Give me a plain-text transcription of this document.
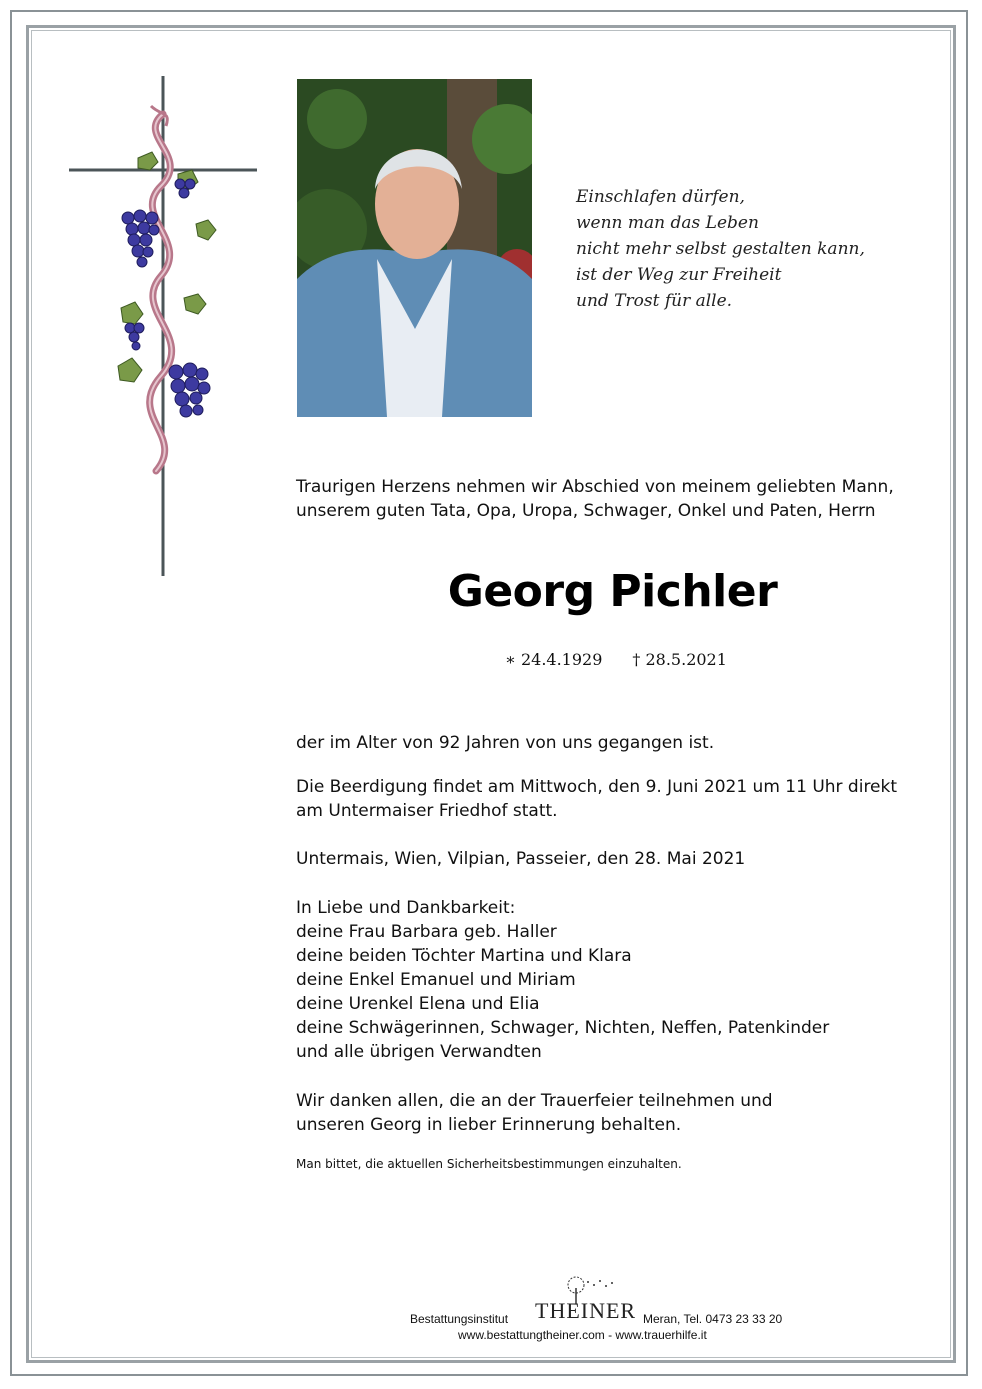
Einschlafen dürfen,
wenn man das Leben
nicht mehr selbst gestalten kann,
ist der Weg zur Freiheit
und Trost für alle.
Traurigen Herzens nehmen wir Abschied von meinem geliebten Mann,
unserem guten Tata, Opa, Uropa, Schwager, Onkel und Paten, Herrn
Georg Pichler
∗ 24.4.1929 † 28.5.2021
der im Alter von 92 Jahren von uns gegangen ist.
Die Beerdigung findet am Mittwoch, den 9. Juni 2021 um 11 Uhr direkt
am Untermaiser Friedhof statt.
Untermais, Wien, Vilpian, Passeier, den 28. Mai 2021
In Liebe und Dankbarkeit:
deine Frau Barbara geb. Haller
deine beiden Töchter Martina und Klara
deine Enkel Emanuel und Miriam
deine Urenkel Elena und Elia
deine Schwägerinnen, Schwager, Nichten, Neffen, Patenkinder
und alle übrigen Verwandten
Wir danken allen, die an der Trauerfeier teilnehmen und
unseren Georg in lieber Erinnerung behalten.
Man bittet, die aktuellen Sicherheitsbestimmungen einzuhalten.
Bestattungsinstitut THEINER Meran, Tel. 0473 23 33 20
www.bestattungtheiner.com - www.trauerhilfe.it
